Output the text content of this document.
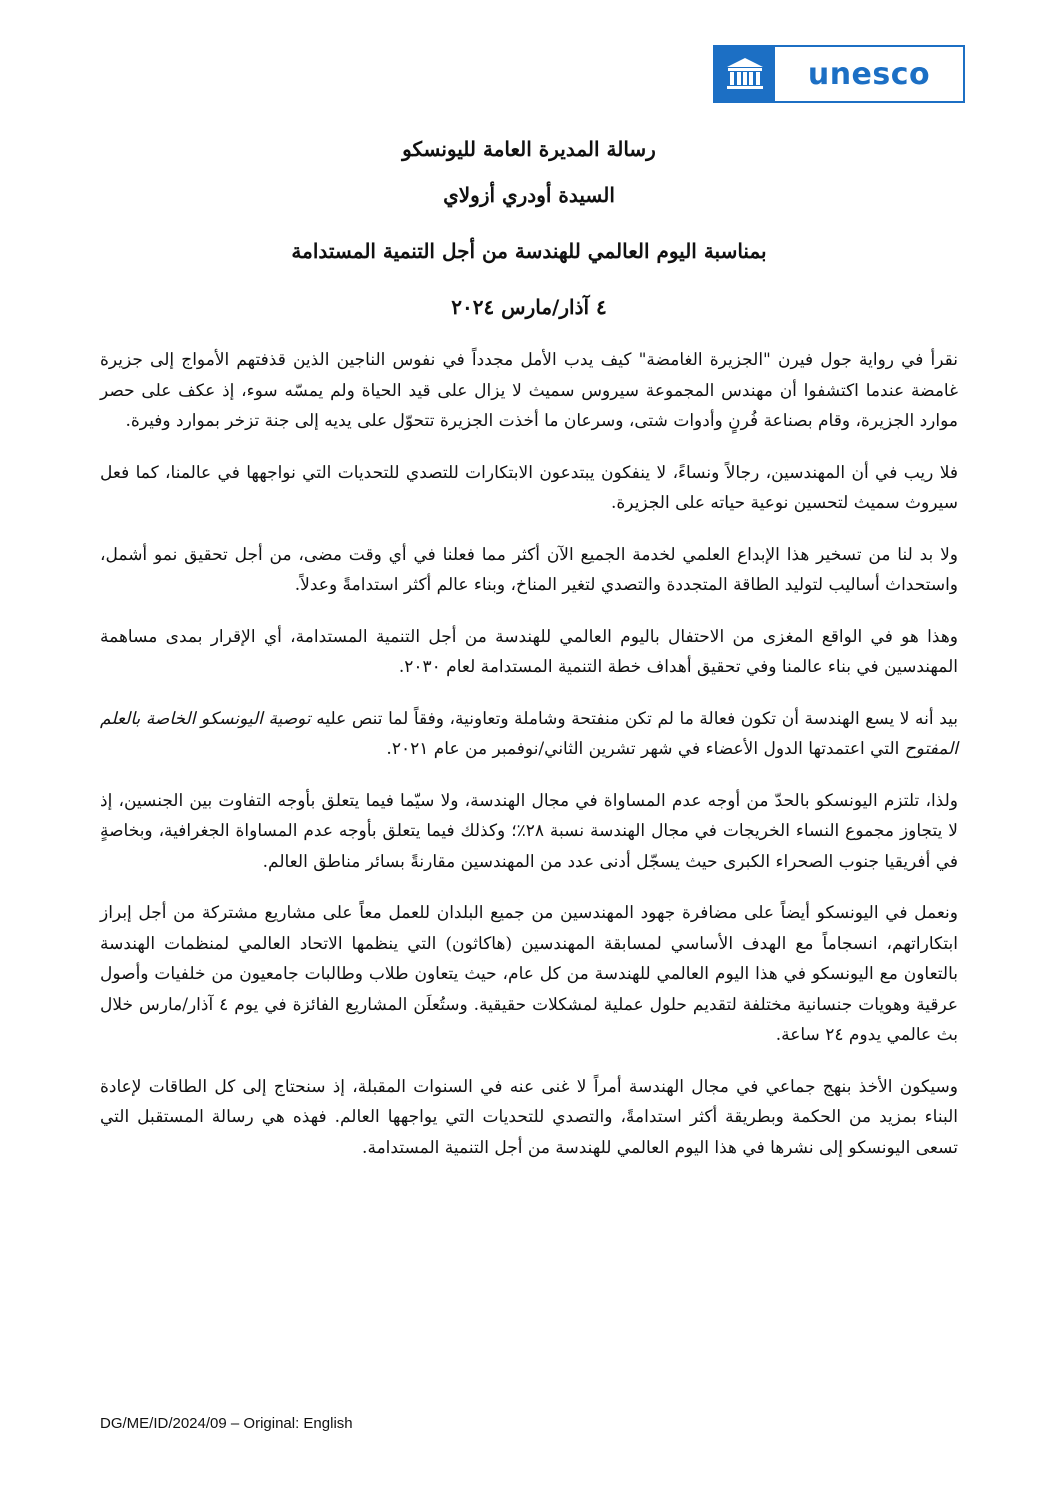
unesco
رسالة المديرة العامة لليونسكو
السيدة أودري أزولاي
بمناسبة اليوم العالمي للهندسة من أجل التنمية المستدامة
٤ آذار/مارس ٢٠٢٤

نقرأ في رواية جول فيرن "الجزيرة الغامضة" كيف يدب الأمل مجدداً في نفوس الناجين الذين قذفتهم الأمواج إلى جزيرة غامضة عندما اكتشفوا أن مهندس المجموعة سيروس سميث لا يزال على قيد الحياة ولم يمسّه سوء، إذ عكف على حصر موارد الجزيرة، وقام بصناعة فُرنٍ وأدوات شتى، وسرعان ما أخذت الجزيرة تتحوّل على يديه إلى جنة تزخر بموارد وفيرة.

فلا ريب في أن المهندسين، رجالاً ونساءً، لا ينفكون يبتدعون الابتكارات للتصدي للتحديات التي نواجهها في عالمنا، كما فعل سيروث سميث لتحسين نوعية حياته على الجزيرة.

ولا بد لنا من تسخير هذا الإبداع العلمي لخدمة الجميع الآن أكثر مما فعلنا في أي وقت مضى، من أجل تحقيق نمو أشمل، واستحداث أساليب لتوليد الطاقة المتجددة والتصدي لتغير المناخ، وبناء عالم أكثر استدامةً وعدلاً.

وهذا هو في الواقع المغزى من الاحتفال باليوم العالمي للهندسة من أجل التنمية المستدامة، أي الإقرار بمدى مساهمة المهندسين في بناء عالمنا وفي تحقيق أهداف خطة التنمية المستدامة لعام ٢٠٣٠.

بيد أنه لا يسع الهندسة أن تكون فعالة ما لم تكن منفتحة وشاملة وتعاونية، وفقاً لما تنص عليه توصية اليونسكو الخاصة بالعلم المفتوح التي اعتمدتها الدول الأعضاء في شهر تشرين الثاني/نوفمبر من عام ٢٠٢١.

ولذا، تلتزم اليونسكو بالحدّ من أوجه عدم المساواة في مجال الهندسة، ولا سيّما فيما يتعلق بأوجه التفاوت بين الجنسين، إذ لا يتجاوز مجموع النساء الخريجات في مجال الهندسة نسبة ٢٨٪؛ وكذلك فيما يتعلق بأوجه عدم المساواة الجغرافية، وبخاصةٍ في أفريقيا جنوب الصحراء الكبرى حيث يسجّل أدنى عدد من المهندسين مقارنةً بسائر مناطق العالم.

ونعمل في اليونسكو أيضاً على مضافرة جهود المهندسين من جميع البلدان للعمل معاً على مشاريع مشتركة من أجل إبراز ابتكاراتهم، انسجاماً مع الهدف الأساسي لمسابقة المهندسين (هاكاثون) التي ينظمها الاتحاد العالمي لمنظمات الهندسة بالتعاون مع اليونسكو في هذا اليوم العالمي للهندسة من كل عام، حيث يتعاون طلاب وطالبات جامعيون من خلفيات وأصول عرقية وهويات جنسانية مختلفة لتقديم حلول عملية لمشكلات حقيقية. وستُعلَن المشاريع الفائزة في يوم ٤ آذار/مارس خلال بث عالمي يدوم ٢٤ ساعة.

وسيكون الأخذ بنهج جماعي في مجال الهندسة أمراً لا غنى عنه في السنوات المقبلة، إذ سنحتاج إلى كل الطاقات لإعادة البناء بمزيد من الحكمة وبطريقة أكثر استدامةً، والتصدي للتحديات التي يواجهها العالم. فهذه هي رسالة المستقبل التي تسعى اليونسكو إلى نشرها في هذا اليوم العالمي للهندسة من أجل التنمية المستدامة.

DG/ME/ID/2024/09 – Original: English
